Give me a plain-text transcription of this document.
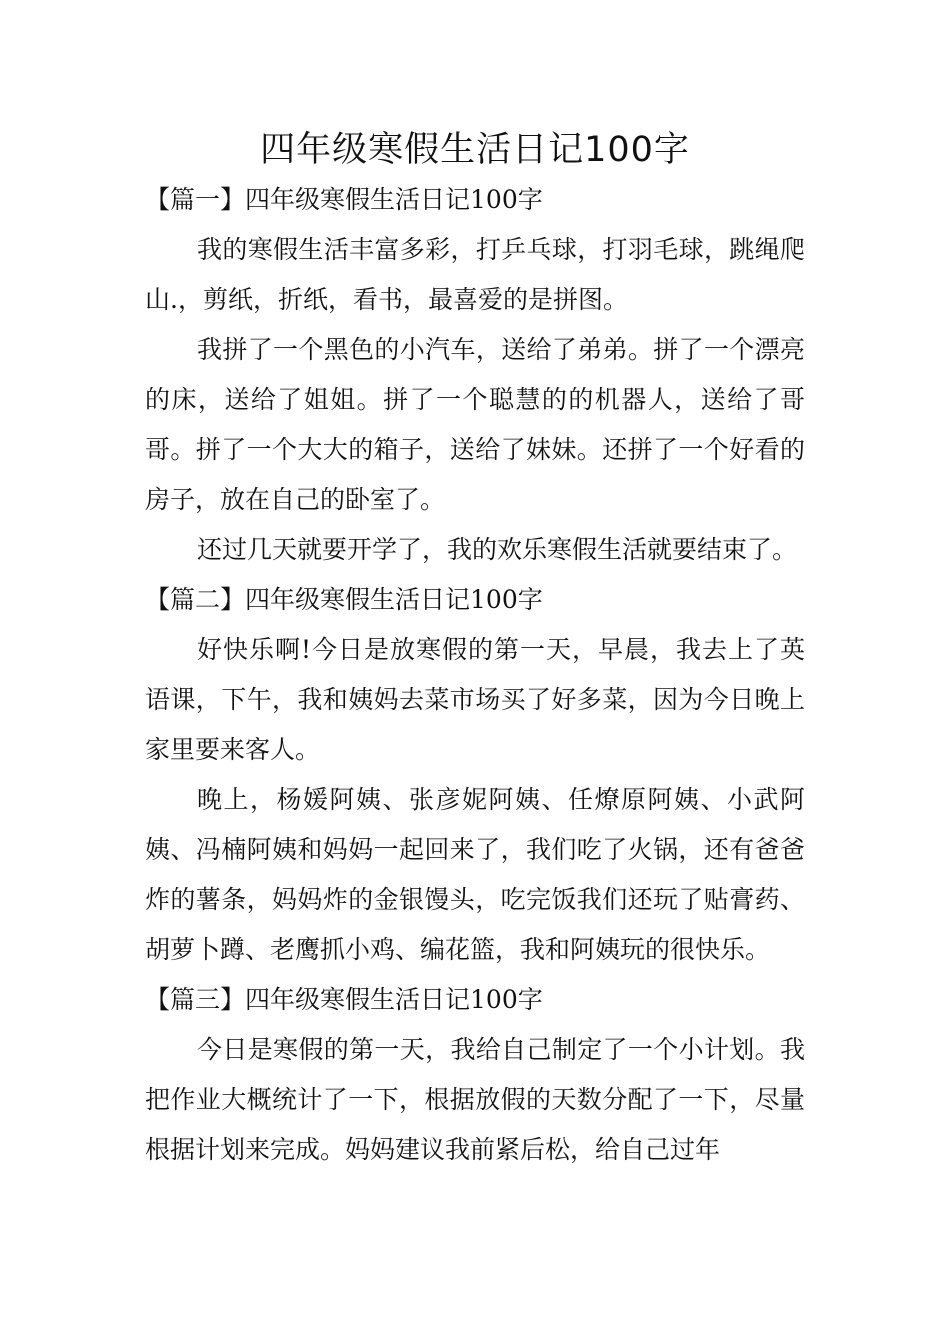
四年级寒假生活日记100字

【篇一】四年级寒假生活日记100字

我的寒假生活丰富多彩，打乒乓球，打羽毛球，跳绳爬山.，剪纸，折纸，看书，最喜爱的是拼图。

我拼了一个黑色的小汽车，送给了弟弟。拼了一个漂亮的床，送给了姐姐。拼了一个聪慧的的机器人，送给了哥哥。拼了一个大大的箱子，送给了妹妹。还拼了一个好看的房子，放在自己的卧室了。

还过几天就要开学了，我的欢乐寒假生活就要结束了。

【篇二】四年级寒假生活日记100字

好快乐啊!今日是放寒假的第一天，早晨，我去上了英语课，下午，我和姨妈去菜市场买了好多菜，因为今日晚上家里要来客人。

晚上，杨媛阿姨、张彦妮阿姨、任燎原阿姨、小武阿姨、冯楠阿姨和妈妈一起回来了，我们吃了火锅，还有爸爸炸的薯条，妈妈炸的金银馒头，吃完饭我们还玩了贴膏药、胡萝卜蹲、老鹰抓小鸡、编花篮，我和阿姨玩的很快乐。

【篇三】四年级寒假生活日记100字

今日是寒假的第一天，我给自己制定了一个小计划。我把作业大概统计了一下，根据放假的天数分配了一下，尽量根据计划来完成。妈妈建议我前紧后松，给自己过年
